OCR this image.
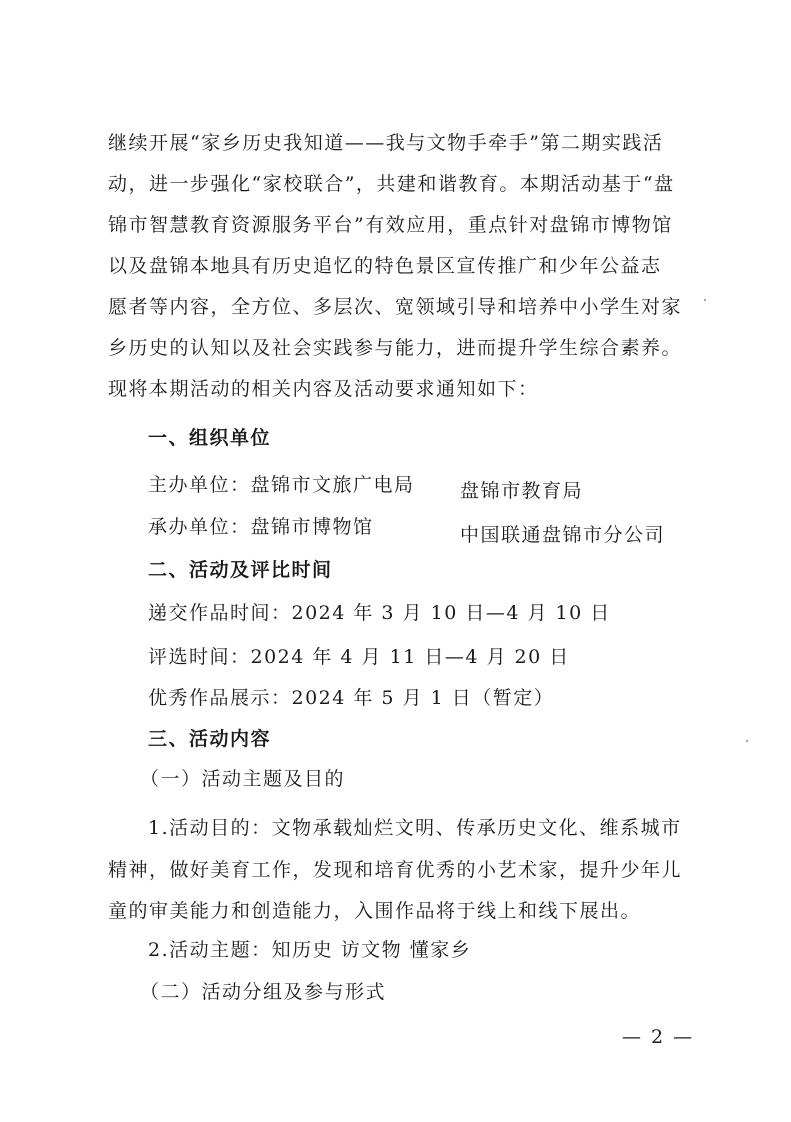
继续开展“家乡历史我知道——我与文物手牵手”第二期实践活
动，进一步强化“家校联合”，共建和谐教育。本期活动基于“盘
锦市智慧教育资源服务平台”有效应用，重点针对盘锦市博物馆
以及盘锦本地具有历史追忆的特色景区宣传推广和少年公益志
愿者等内容，全方位、多层次、宽领域引导和培养中小学生对家
乡历史的认知以及社会实践参与能力，进而提升学生综合素养。
现将本期活动的相关内容及活动要求通知如下：
一、组织单位
主办单位：盘锦市文旅广电局 盘锦市教育局
承办单位：盘锦市博物馆	中国联通盘锦市分公司
二、活动及评比时间
递交作品时间：2024 年 3 月 10 日—4 月 10 日
评选时间：2024 年 4 月 11 日—4 月 20 日
优秀作品展示：2024 年 5 月 1 日（暂定）
三、活动内容
（一）活动主题及目的
1.活动目的：文物承载灿烂文明、传承历史文化、维系城市
精神，做好美育工作，发现和培育优秀的小艺术家，提升少年儿
童的审美能力和创造能力，入围作品将于线上和线下展出。
2.活动主题：知历史 访文物 懂家乡
（二）活动分组及参与形式
— 2 —
